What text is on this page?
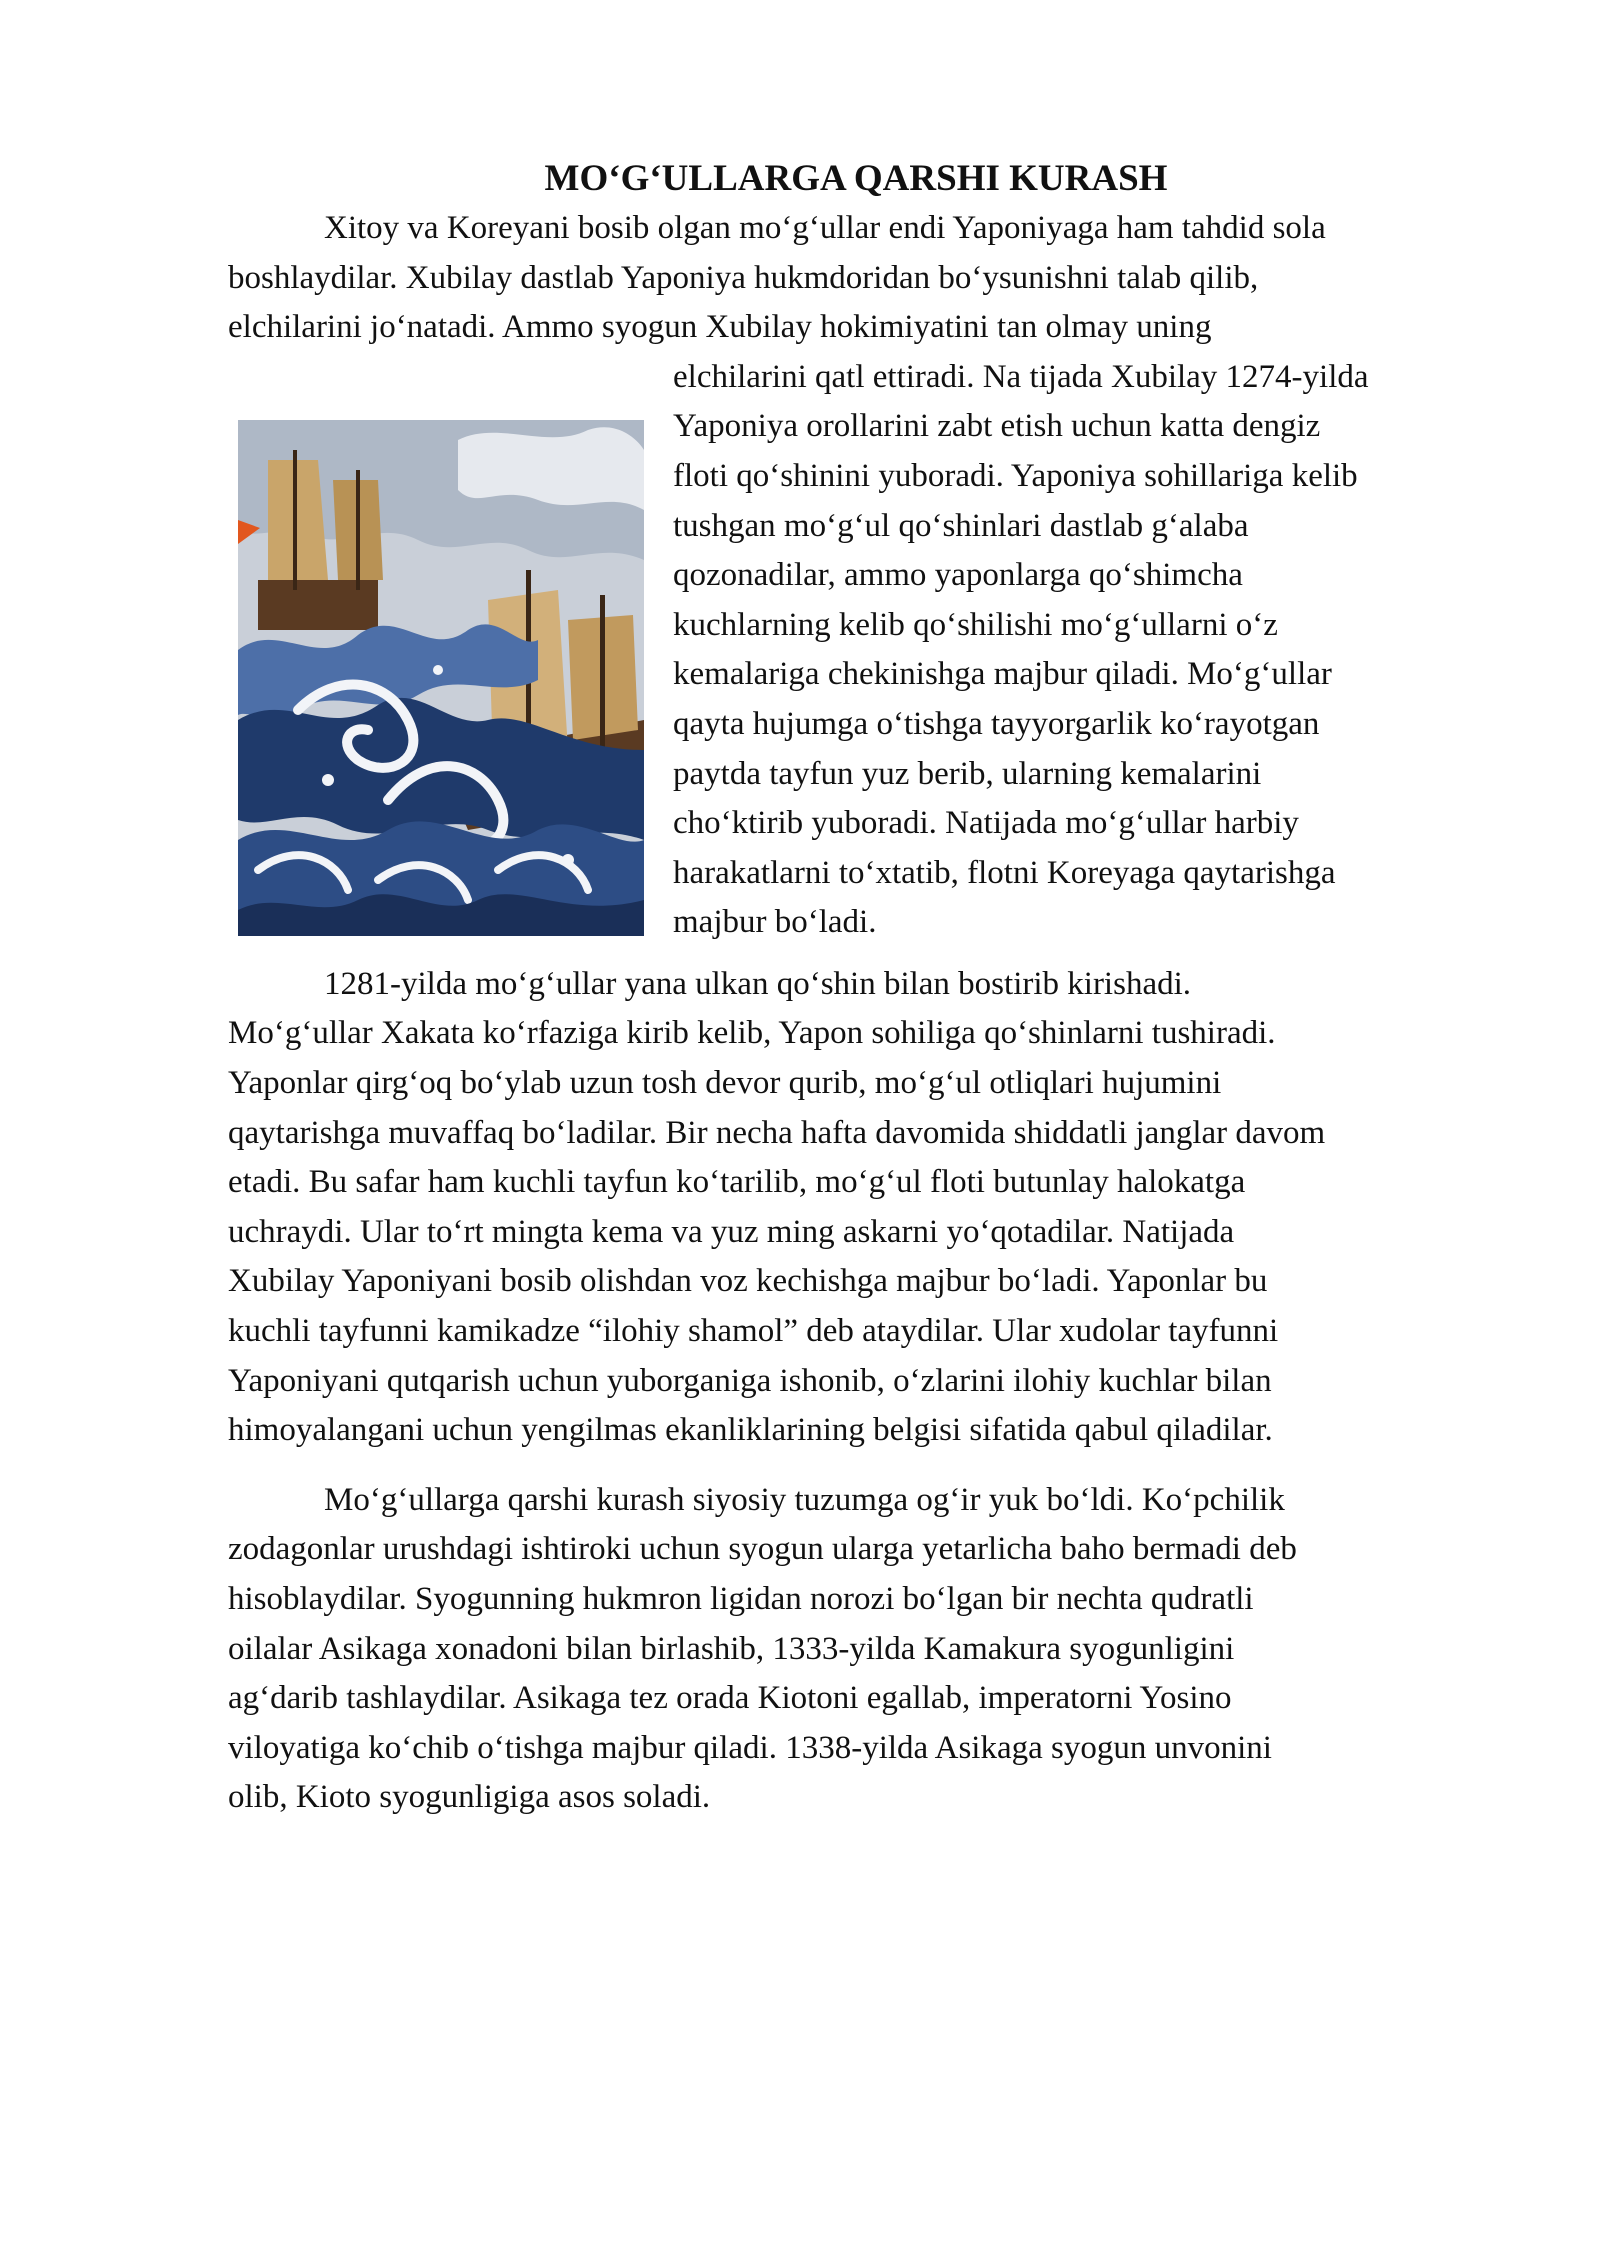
MO‘G‘ULLARGA QARSHI KURASH
Xitoy va Koreyani bosib olgan mo‘g‘ullar endi Yaponiyaga ham tahdid sola
boshlaydilar. Xubilay dastlab Yaponiya hukmdoridan bo‘ysunishni talab qilib,
elchilarini jo‘natadi. Ammo syogun Xubilay hokimiyatini tan olmay uning
elchilarini qatl ettiradi. Na tijada Xubilay 1274-yilda
Yaponiya orollarini zabt etish uchun katta dengiz
floti qo‘shinini yuboradi. Yaponiya sohillariga kelib
tushgan mo‘g‘ul qo‘shinlari dastlab g‘alaba
qozonadilar, ammo yaponlarga qo‘shimcha
kuchlarning kelib qo‘shilishi mo‘g‘ullarni o‘z
kemalariga chekinishga majbur qiladi. Mo‘g‘ullar
qayta hujumga o‘tishga tayyorgarlik ko‘rayotgan
paytda tayfun yuz berib, ularning kemalarini
cho‘ktirib yuboradi. Natijada mo‘g‘ullar harbiy
harakatlarni to‘xtatib, flotni Koreyaga qaytarishga
majbur bo‘ladi.
1281-yilda mo‘g‘ullar yana ulkan qo‘shin bilan bostirib kirishadi.
Mo‘g‘ullar Xakata ko‘rfaziga kirib kelib, Yapon sohiliga qo‘shinlarni tushiradi.
Yaponlar qirg‘oq bo‘ylab uzun tosh devor qurib, mo‘g‘ul otliqlari hujumini
qaytarishga muvaffaq bo‘ladilar. Bir necha hafta davomida shiddatli janglar davom
etadi. Bu safar ham kuchli tayfun ko‘tarilib, mo‘g‘ul floti butunlay halokatga
uchraydi. Ular to‘rt mingta kema va yuz ming askarni yo‘qotadilar. Natijada
Xubilay Yaponiyani bosib olishdan voz kechishga majbur bo‘ladi. Yaponlar bu
kuchli tayfunni kamikadze “ilohiy shamol” deb ataydilar. Ular xudolar tayfunni
Yaponiyani qutqarish uchun yuborganiga ishonib, o‘zlarini ilohiy kuchlar bilan
himoyalangani uchun yengilmas ekanliklarining belgisi sifatida qabul qiladilar.
Mo‘g‘ullarga qarshi kurash siyosiy tuzumga og‘ir yuk bo‘ldi. Ko‘pchilik
zodagonlar urushdagi ishtiroki uchun syogun ularga yetarlicha baho bermadi deb
hisoblaydilar. Syogunning hukmron ligidan norozi bo‘lgan bir nechta qudratli
oilalar Asikaga xonadoni bilan birlashib, 1333-yilda Kamakura syogunligini
ag‘darib tashlaydilar. Asikaga tez orada Kiotoni egallab, imperatorni Yosino
viloyatiga ko‘chib o‘tishga majbur qiladi. 1338-yilda Asikaga syogun unvonini
olib, Kioto syogunligiga asos soladi.
